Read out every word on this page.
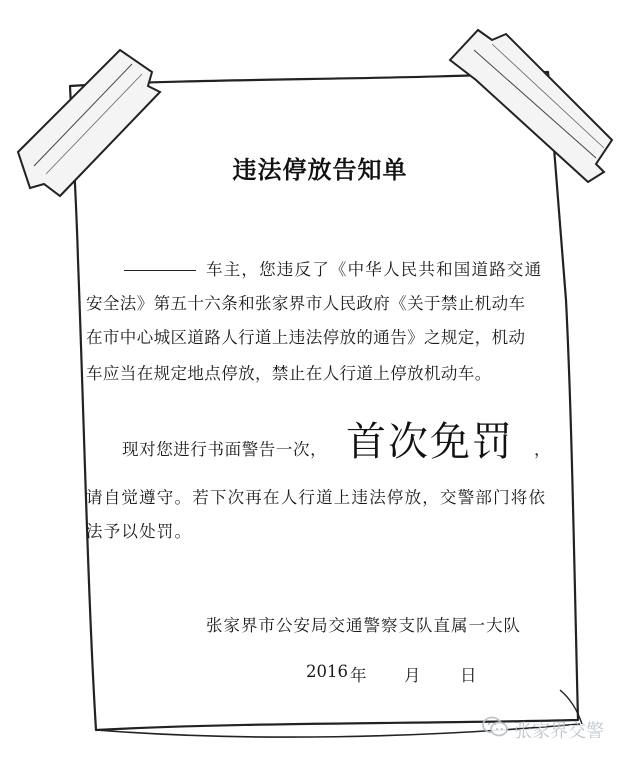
违法停放告知单
车主，您违反了《中华人民共和国道路交通
安全法》第五十六条和张家界市人民政府《关于禁止机动车
在市中心城区道路人行道上违法停放的通告》之规定，机动
车应当在规定地点停放，禁止在人行道上停放机动车。
现对您进行书面警告一次， 首次免罚 ，
请自觉遵守。若下次再在人行道上违法停放，交警部门将依
法予以处罚。
张家界市公安局交通警察支队直属一大队
2016 年 月 日
张家界交警
